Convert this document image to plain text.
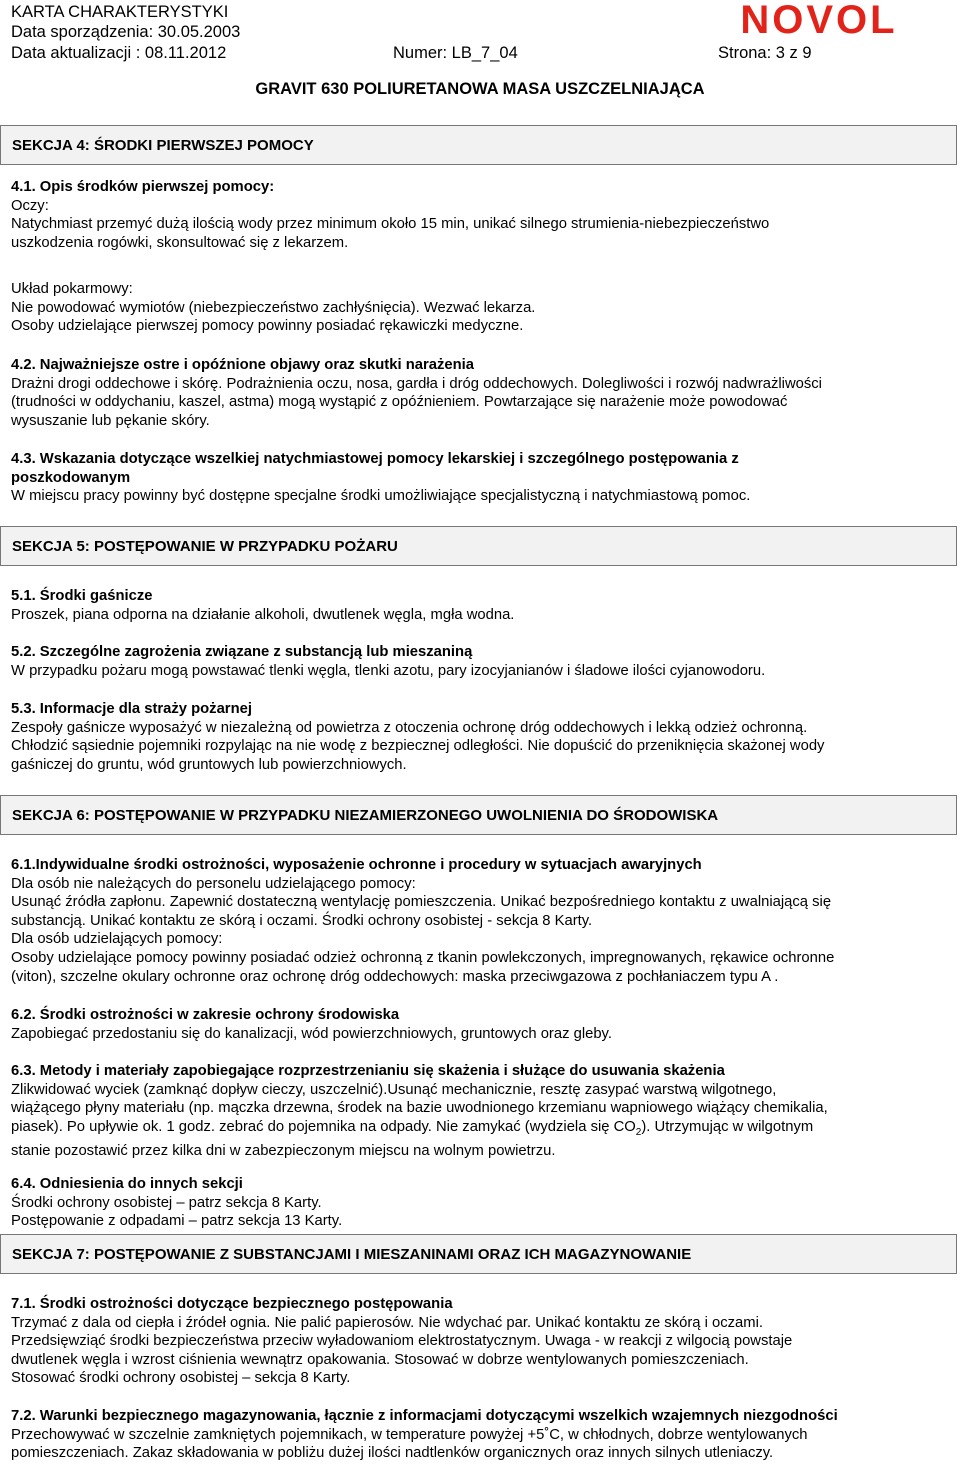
KARTA CHARAKTERYSTYKI
Data sporządzenia: 30.05.2003
Data aktualizacji : 08.11.2012	Numer: LB_7_04	Strona: 3 z 9
NOVOL
GRAVIT 630 POLIURETANOWA MASA USZCZELNIAJĄCA
SEKCJA 4: ŚRODKI PIERWSZEJ POMOCY

4.1. Opis środków pierwszej pomocy:

Oczy:

Natychmiast przemyć dużą ilością wody przez minimum około 15 min, unikać silnego strumienia-niebezpieczeństwo

uszkodzenia rogówki, skonsultować się z lekarzem.

Układ pokarmowy:

Nie powodować wymiotów (niebezpieczeństwo zachłyśnięcia). Wezwać lekarza.

Osoby udzielające pierwszej pomocy powinny posiadać rękawiczki medyczne.

4.2. Najważniejsze ostre i opóźnione objawy oraz skutki narażenia

Drażni drogi oddechowe i skórę. Podrażnienia oczu, nosa, gardła i dróg oddechowych. Dolegliwości i rozwój nadwrażliwości

(trudności w oddychaniu, kaszel, astma) mogą wystąpić z opóźnieniem. Powtarzające się narażenie może powodować

wysuszanie lub pękanie skóry.

4.3. Wskazania dotyczące wszelkiej natychmiastowej pomocy lekarskiej i szczególnego postępowania z

poszkodowanym

W miejscu pracy powinny być dostępne specjalne środki umożliwiające specjalistyczną i natychmiastową pomoc.

SEKCJA 5: POSTĘPOWANIE W PRZYPADKU POŻARU

5.1. Środki gaśnicze

Proszek, piana odporna na działanie alkoholi, dwutlenek węgla, mgła wodna.

5.2. Szczególne zagrożenia związane z substancją lub mieszaniną

W przypadku pożaru mogą powstawać tlenki węgla, tlenki azotu, pary izocyjanianów i śladowe ilości cyjanowodoru.

5.3. Informacje dla straży pożarnej

Zespoły gaśnicze wyposażyć w niezależną od powietrza z otoczenia ochronę dróg oddechowych i lekką odzież ochronną.

Chłodzić sąsiednie pojemniki rozpylając na nie wodę z bezpiecznej odległości. Nie dopuścić do przeniknięcia skażonej wody

gaśniczej do gruntu, wód gruntowych lub powierzchniowych.

SEKCJA 6: POSTĘPOWANIE W PRZYPADKU NIEZAMIERZONEGO UWOLNIENIA DO ŚRODOWISKA

6.1.Indywidualne środki ostrożności, wyposażenie ochronne i procedury w sytuacjach awaryjnych

Dla osób nie należących do personelu udzielającego pomocy:

Usunąć źródła zapłonu. Zapewnić dostateczną wentylację pomieszczenia. Unikać bezpośredniego kontaktu z uwalniającą się

substancją. Unikać kontaktu ze skórą i oczami. Środki ochrony osobistej - sekcja 8 Karty.

Dla osób udzielających pomocy:

Osoby udzielające pomocy powinny posiadać odzież ochronną z tkanin powlekczonych, impregnowanych, rękawice ochronne

(viton), szczelne okulary ochronne oraz ochronę dróg oddechowych: maska przeciwgazowa z pochłaniaczem typu A .

6.2. Środki ostrożności w zakresie ochrony środowiska

Zapobiegać przedostaniu się do kanalizacji, wód powierzchniowych, gruntowych oraz gleby.

6.3. Metody i materiały zapobiegające rozprzestrzenianiu się skażenia i służące do usuwania skażenia

Zlikwidować wyciek (zamknąć dopływ cieczy, uszczelnić).Usunąć mechanicznie, resztę zasypać warstwą wilgotnego,

wiążącego płyny materiału (np. mączka drzewna, środek na bazie uwodnionego krzemianu wapniowego wiążący chemikalia,

piasek). Po upływie ok. 1 godz. zebrać do pojemnika na odpady. Nie zamykać (wydziela się $CO_2$). Utrzymując w wilgotnym

stanie pozostawić przez kilka dni w zabezpieczonym miejscu na wolnym powietrzu.

6.4. Odniesienia do innych sekcji

Środki ochrony osobistej – patrz sekcja 8 Karty.

Postępowanie z odpadami – patrz sekcja 13 Karty.

SEKCJA 7: POSTĘPOWANIE Z SUBSTANCJAMI I MIESZANINAMI ORAZ ICH MAGAZYNOWANIE

7.1. Środki ostrożności dotyczące bezpiecznego postępowania

Trzymać z dala od ciepła i źródeł ognia. Nie palić papierosów. Nie wdychać par. Unikać kontaktu ze skórą i oczami.

Przedsięwziąć środki bezpieczeństwa przeciw wyładowaniom elektrostatycznym. Uwaga - w reakcji z wilgocią powstaje

dwutlenek węgla i wzrost ciśnienia wewnątrz opakowania. Stosować w dobrze wentylowanych pomieszczeniach.

Stosować środki ochrony osobistej – sekcja 8 Karty.

7.2. Warunki bezpiecznego magazynowania, łącznie z informacjami dotyczącymi wszelkich wzajemnych niezgodności

Przechowywać w szczelnie zamkniętych pojemnikach, w temperature powyżej +5˚C, w chłodnych, dobrze wentylowanych

pomieszczeniach. Zakaz składowania w pobliżu dużej ilości nadtlenków organicznych oraz innych silnych utleniaczy.
